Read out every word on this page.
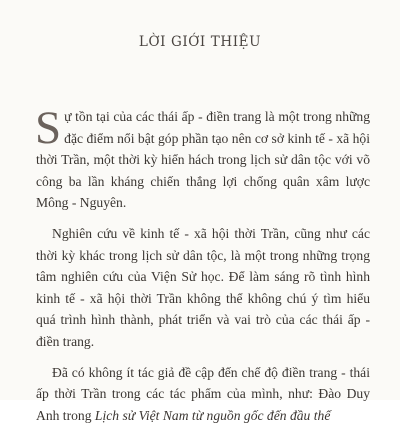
LỜI GIỚI THIỆU

Sự tồn tại của các thái ấp - điền trang là một trong những đặc điểm nổi bật góp phần tạo nên cơ sở kinh tế - xã hội thời Trần, một thời kỳ hiển hách trong lịch sử dân tộc với võ công ba lần kháng chiến thắng lợi chống quân xâm lược Mông - Nguyên.

Nghiên cứu về kinh tế - xã hội thời Trần, cũng như các thời kỳ khác trong lịch sử dân tộc, là một trong những trọng tâm nghiên cứu của Viện Sử học. Để làm sáng rõ tình hình kinh tế - xã hội thời Trần không thể không chú ý tìm hiểu quá trình hình thành, phát triển và vai trò của các thái ấp - điền trang.

Đã có không ít tác giả đề cập đến chế độ điền trang - thái ấp thời Trần trong các tác phẩm của mình, như: Đào Duy Anh trong Lịch sử Việt Nam từ nguồn gốc đến đầu thế
